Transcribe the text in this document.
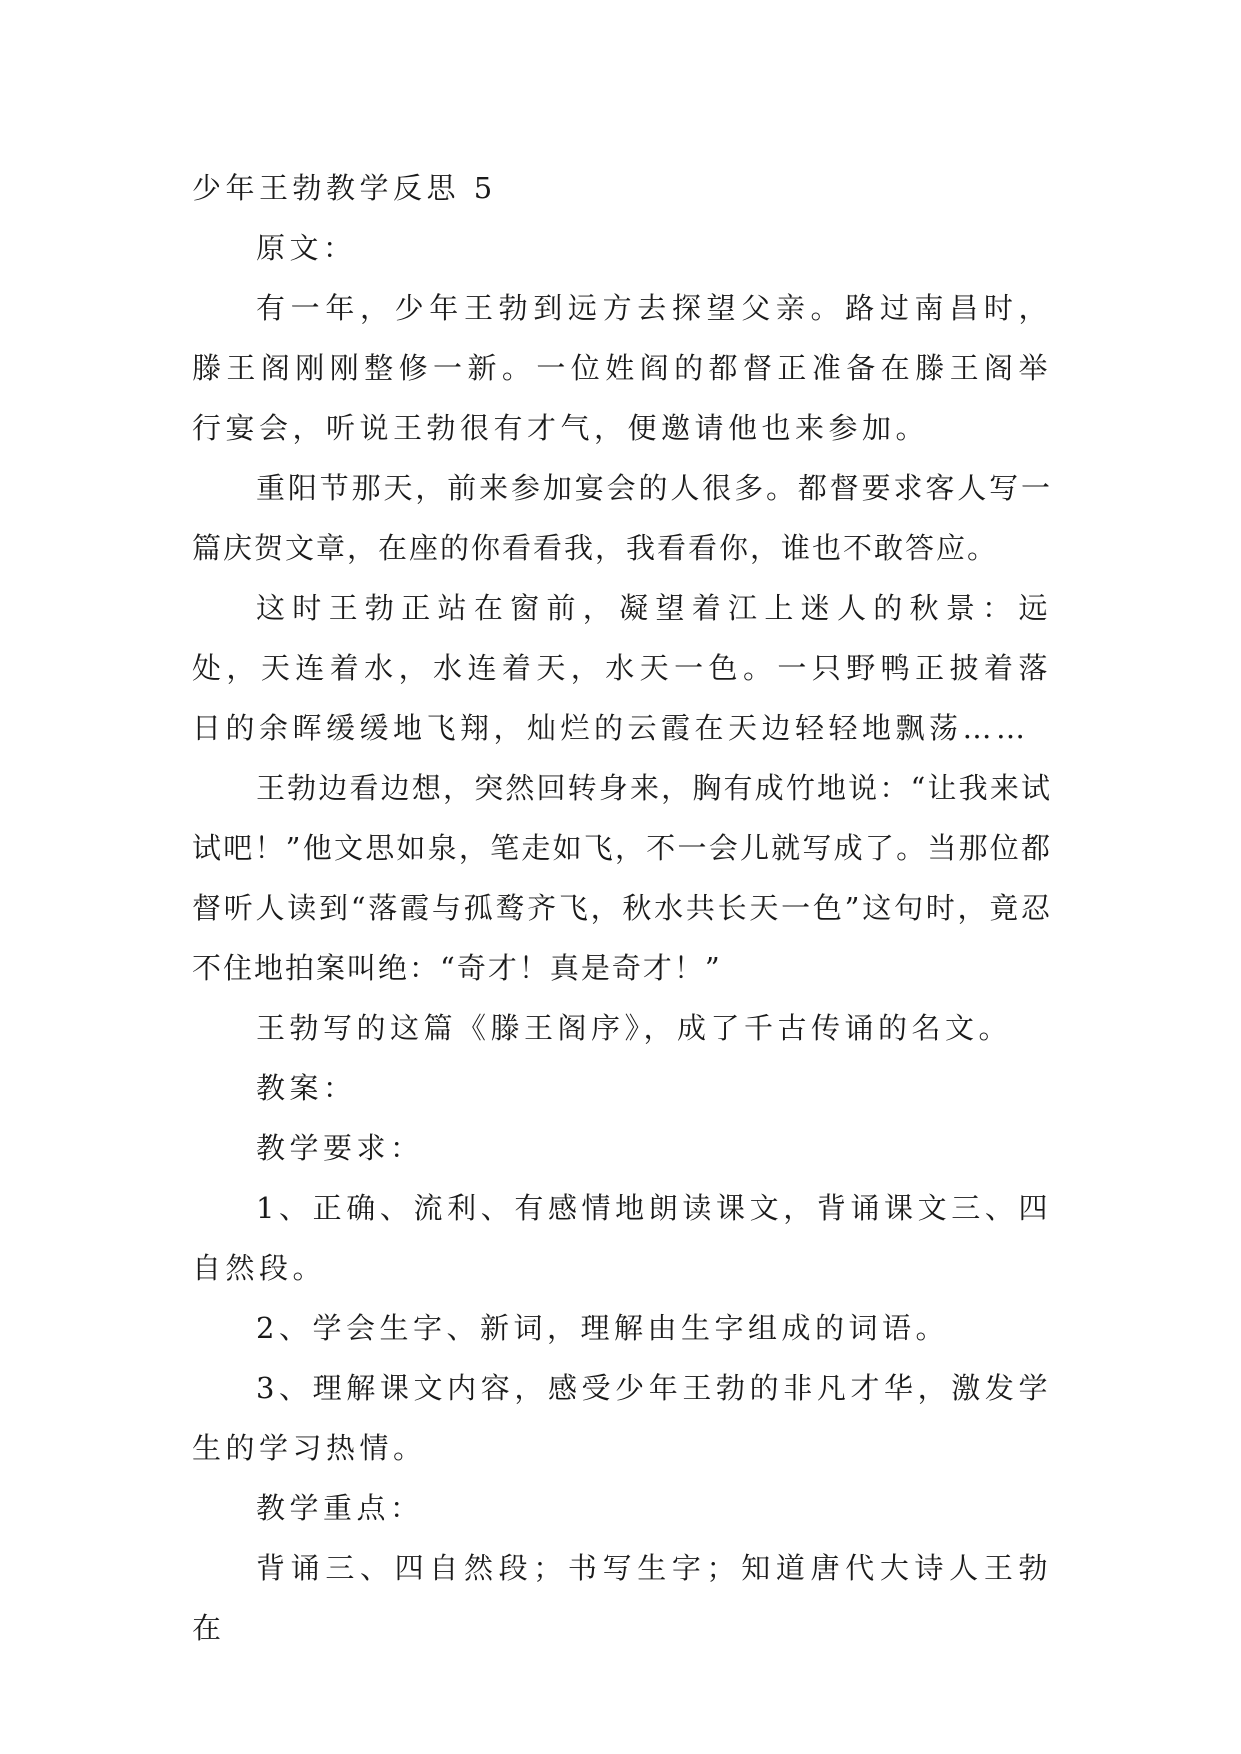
少年王勃教学反思 5

原文：

有一年，少年王勃到远方去探望父亲。路过南昌时，滕王阁刚刚整修一新。一位姓阎的都督正准备在滕王阁举行宴会，听说王勃很有才气，便邀请他也来参加。

重阳节那天，前来参加宴会的人很多。都督要求客人写一篇庆贺文章，在座的你看看我，我看看你，谁也不敢答应。

这时王勃正站在窗前，凝望着江上迷人的秋景：远处，天连着水，水连着天，水天一色。一只野鸭正披着落日的余晖缓缓地飞翔，灿烂的云霞在天边轻轻地飘荡……

王勃边看边想，突然回转身来，胸有成竹地说：“让我来试试吧！”他文思如泉，笔走如飞，不一会儿就写成了。当那位都督听人读到“落霞与孤鹜齐飞，秋水共长天一色”这句时，竟忍不住地拍案叫绝：“奇才！真是奇才！”

王勃写的这篇《滕王阁序》，成了千古传诵的名文。

教案：

教学要求：

1、正确、流利、有感情地朗读课文，背诵课文三、四自然段。

2、学会生字、新词，理解由生字组成的词语。

3、理解课文内容，感受少年王勃的非凡才华，激发学生的学习热情。

教学重点：

背诵三、四自然段；书写生字；知道唐代大诗人王勃在
